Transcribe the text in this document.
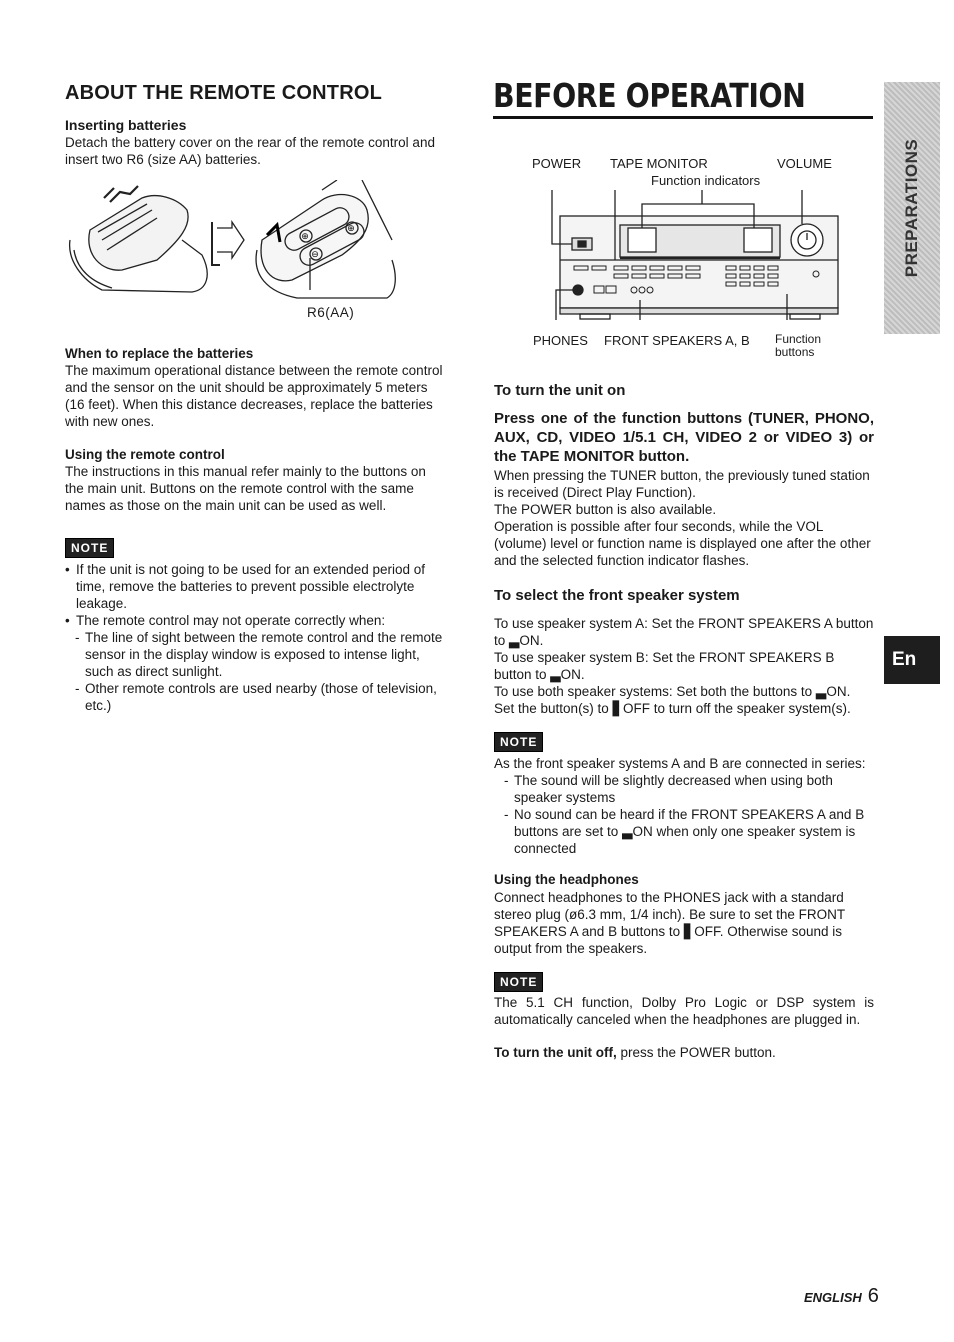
ABOUT THE REMOTE CONTROL
Inserting batteries
Detach the battery cover on the rear of the remote control and insert two R6 (size AA) batteries.
⊕
⊕
⊖
R6(AA)
When to replace the batteries
The maximum operational distance between the remote control and the sensor on the unit should be approximately 5 meters (16 feet). When this distance decreases, replace the batteries with new ones.
Using the remote control
The instructions in this manual refer mainly to the buttons on the main unit. Buttons on the remote control with the same names as those on the main unit can be used as well.
NOTE
• If the unit is not going to be used for an extended period of time, remove the batteries to prevent possible electrolyte leakage.
• The remote control may not operate correctly when:
- The line of sight between the remote control and the remote sensor in the display window is exposed to intense light, such as direct sunlight.
- Other remote controls are used nearby (those of television, etc.)
BEFORE OPERATION
POWER TAPE MONITOR	VOLUME
Function indicators
PHONES FRONT SPEAKERS A, B Function
buttons
To turn the unit on
Press one of the function buttons (TUNER, PHONO, AUX, CD, VIDEO 1/5.1 CH, VIDEO 2 or VIDEO 3) or the TAPE MONITOR button.
When pressing the TUNER button, the previously tuned station is received (Direct Play Function).
The POWER button is also available.
Operation is possible after four seconds, while the VOL (volume) level or function name is displayed one after the other and the selected function indicator flashes.
To select the front speaker system
To use speaker system A: Set the FRONT SPEAKERS A button to ▃ON.
To use speaker system B: Set the FRONT SPEAKERS B button to ▃ON.
To use both speaker systems: Set both the buttons to ▃ON.
Set the button(s) to ▋OFF to turn off the speaker system(s).
NOTE
As the front speaker systems A and B are connected in series:
- The sound will be slightly decreased when using both speaker systems
- No sound can be heard if the FRONT SPEAKERS A and B buttons are set to ▃ON when only one speaker system is connected
Using the headphones
Connect headphones to the PHONES jack with a standard stereo plug (ø6.3 mm, 1/4 inch). Be sure to set the FRONT SPEAKERS A and B buttons to ▋OFF. Otherwise sound is output from the speakers.
NOTE
The 5.1 CH function, Dolby Pro Logic or DSP system is automatically canceled when the headphones are plugged in.
To turn the unit off, press the POWER button.
PREPARATIONS
En
ENGLISH 6
